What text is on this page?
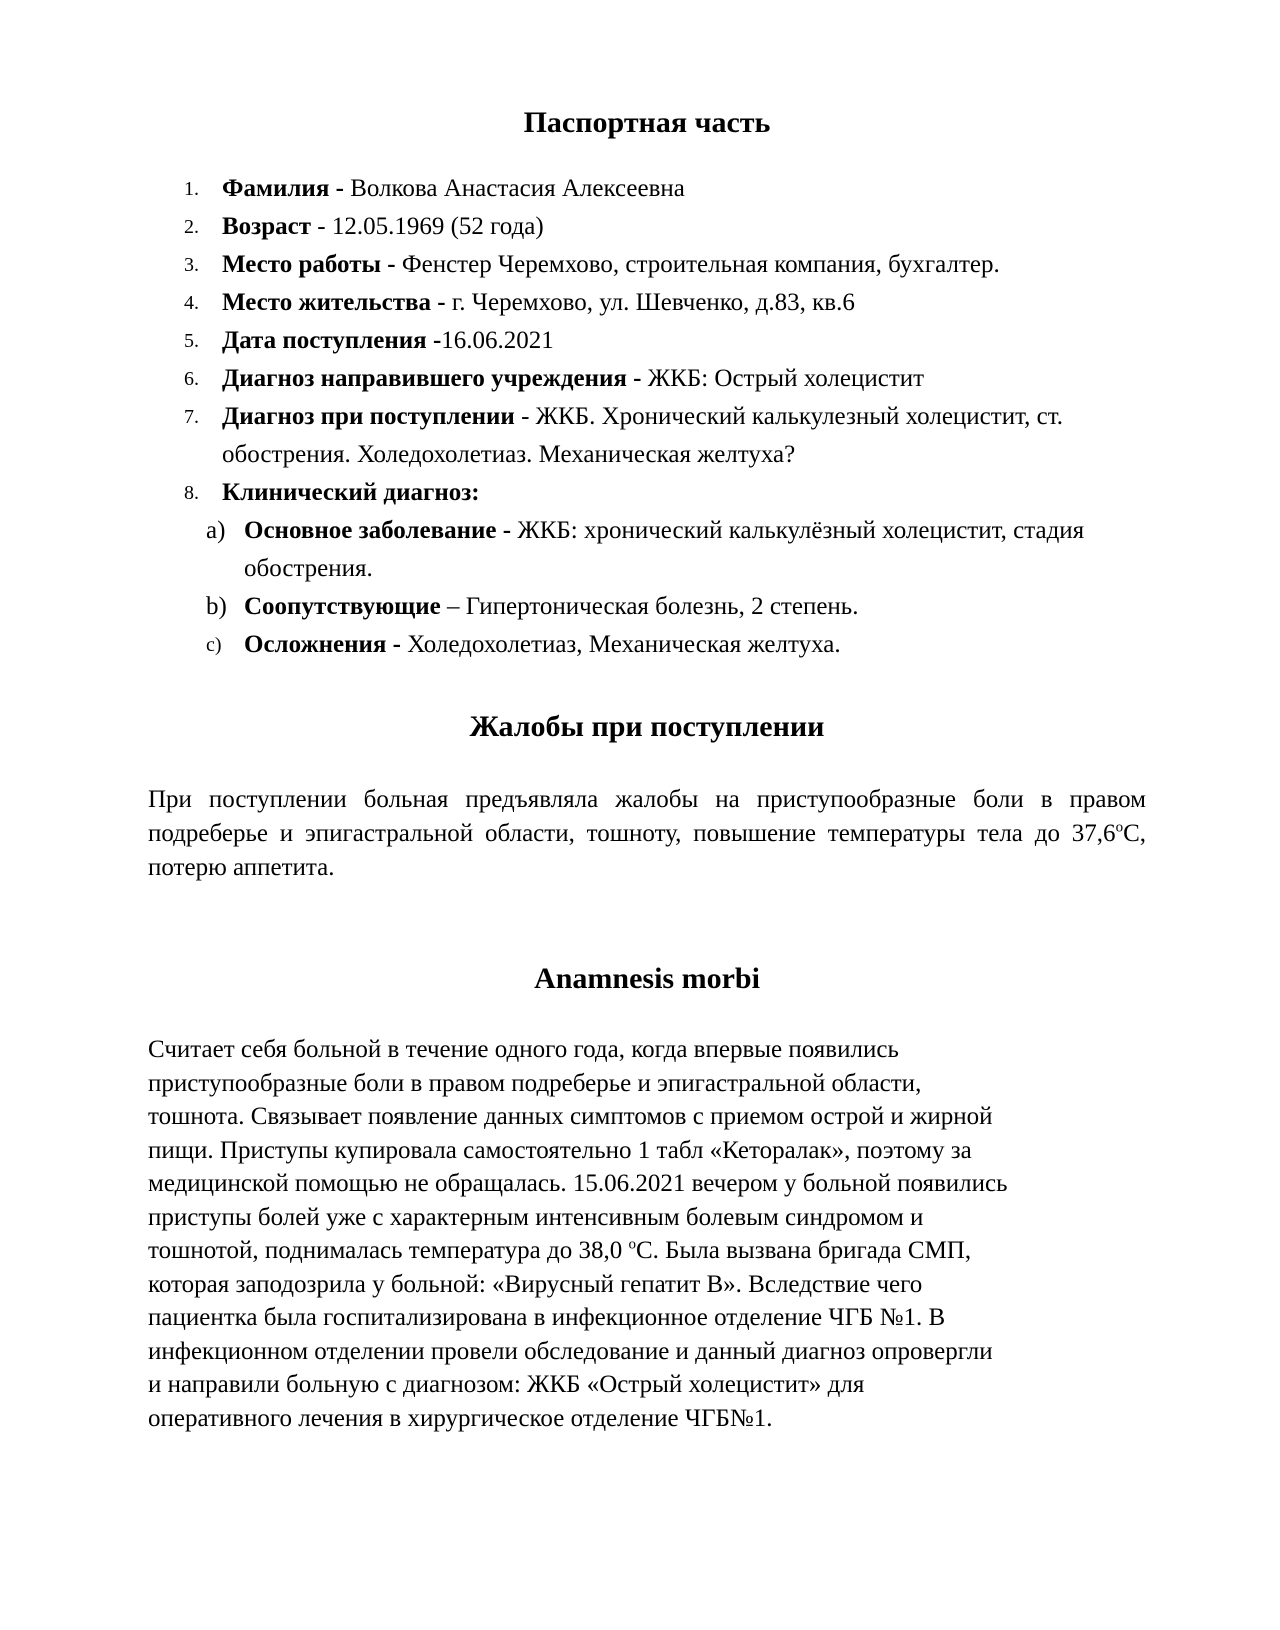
Паспортная часть
1. Фамилия - Волкова Анастасия Алексеевна
2. Возраст - 12.05.1969 (52 года)
3. Место работы - Фенстер Черемхово, строительная компания, бухгалтер.
4. Место жительства - г. Черемхово, ул. Шевченко, д.83, кв.6
5. Дата поступления -16.06.2021
6. Диагноз направившего учреждения - ЖКБ: Острый холецистит
7. Диагноз при поступлении - ЖКБ. Хронический калькулезный холецистит, ст. обострения. Холедохолетиаз. Механическая желтуха?
8. Клинический диагноз:
a) Основное заболевание - ЖКБ: хронический калькулёзный холецистит, стадия обострения.
b) Соопутствующие – Гипертоническая болезнь, 2 степень.
c) Осложнения - Холедохолетиаз, Механическая желтуха.
Жалобы при поступлении
При поступлении больная предъявляла жалобы на приступообразные боли в правом подреберье и эпигастральной области, тошноту, повышение температуры тела до $37,6^оС$, потерю аппетита.
Anamnesis morbi
Считает себя больной в течение одного года, когда впервые появились
приступообразные боли в правом подреберье и эпигастральной области,
тошнота. Связывает появление данных симптомов с приемом острой и жирной
пищи. Приступы купировала самостоятельно 1 табл «Кеторалак», поэтому за
медицинской помощью не обращалась. 15.06.2021 вечером у больной появились
приступы болей уже с характерным интенсивным болевым синдромом и
тошнотой, поднималась температура до 38,0 $^о$С. Была вызвана бригада СМП,
которая заподозрила у больной: «Вирусный гепатит В». Вследствие чего
пациентка была госпитализирована в инфекционное отделение ЧГБ №1. В
инфекционном отделении провели обследование и данный диагноз опровергли
и направили больную с диагнозом: ЖКБ «Острый холецистит» для
оперативного лечения в хирургическое отделение ЧГБ№1.
